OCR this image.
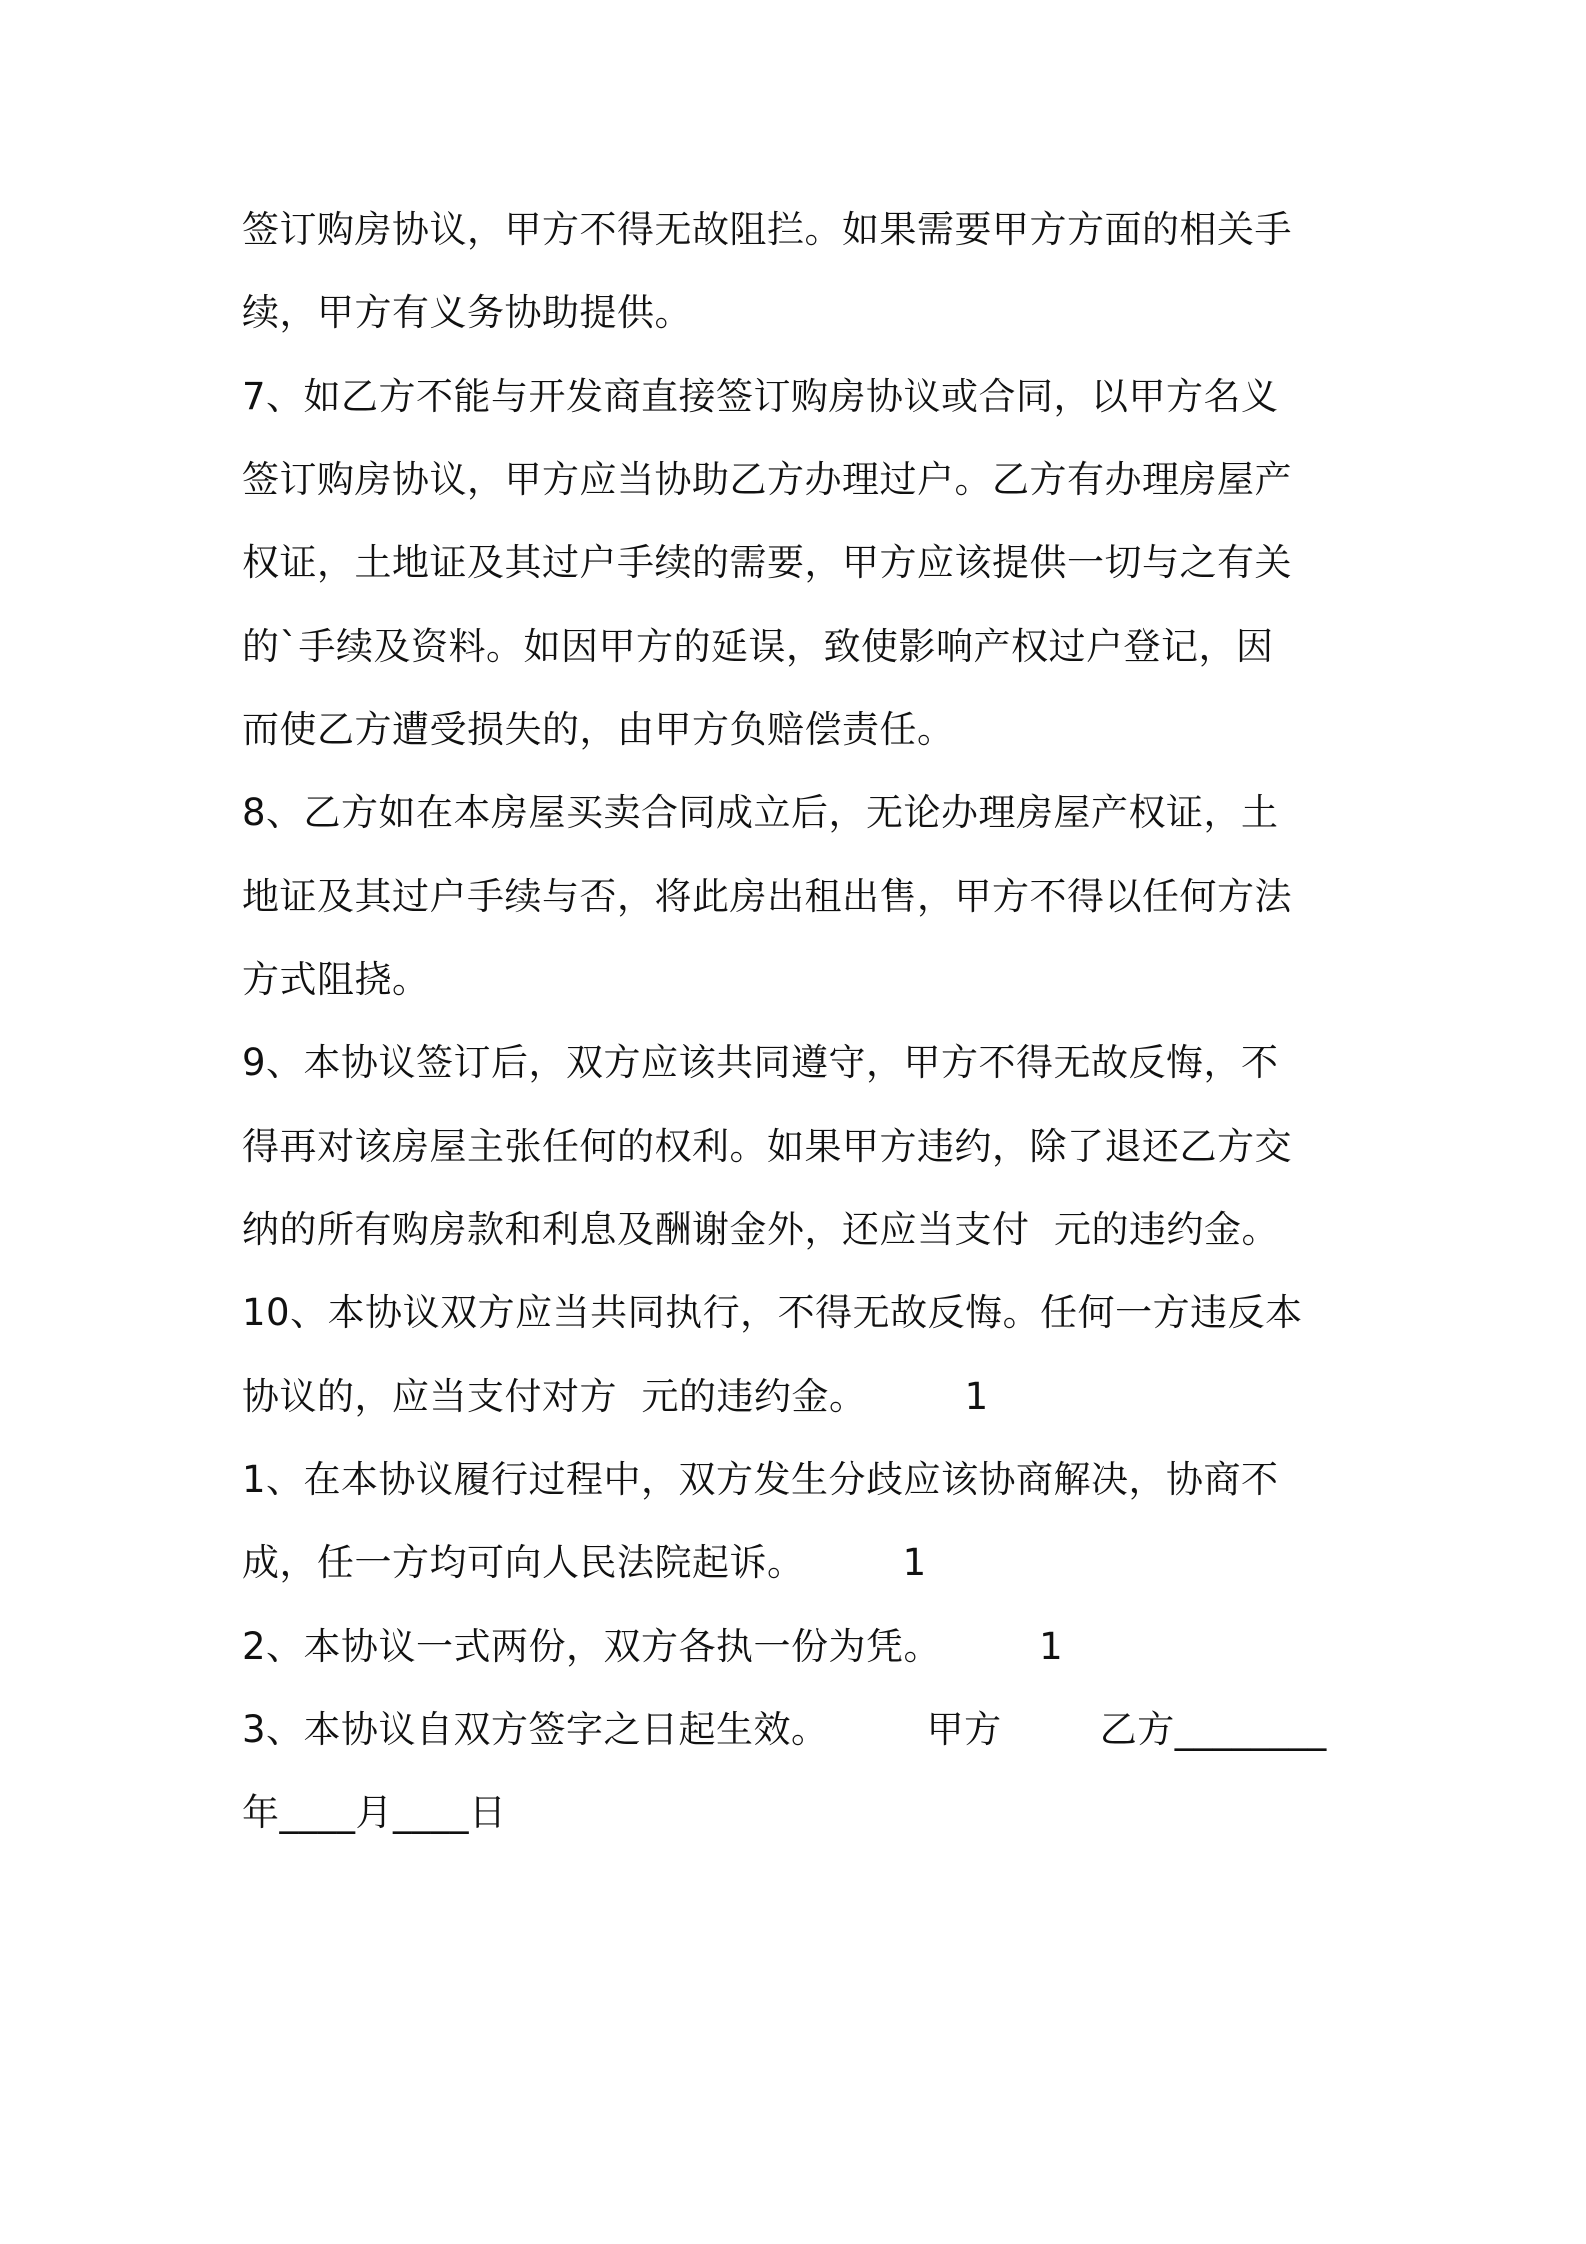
签订购房协议，甲方不得无故阻拦。如果需要甲方方面的相关手

续，甲方有义务协助提供。

7、如乙方不能与开发商直接签订购房协议或合同，以甲方名义

签订购房协议，甲方应当协助乙方办理过户。乙方有办理房屋产

权证，土地证及其过户手续的需要，甲方应该提供一切与之有关

的`手续及资料。如因甲方的延误，致使影响产权过户登记，因

而使乙方遭受损失的，由甲方负赔偿责任。

8、乙方如在本房屋买卖合同成立后，无论办理房屋产权证，土

地证及其过户手续与否，将此房出租出售，甲方不得以任何方法

方式阻挠。

9、本协议签订后，双方应该共同遵守，甲方不得无故反悔，不

得再对该房屋主张任何的权利。如果甲方违约，除了退还乙方交

纳的所有购房款和利息及酬谢金外，还应当支付  元的违约金。

10、本协议双方应当共同执行，不得无故反悔。任何一方违反本

协议的，应当支付对方  元的违约金。        1

1、在本协议履行过程中，双方发生分歧应该协商解决，协商不

成，任一方均可向人民法院起诉。        1

2、本协议一式两份，双方各执一份为凭。        1

3、本协议自双方签字之日起生效。        甲方        乙方________

年____月____日
